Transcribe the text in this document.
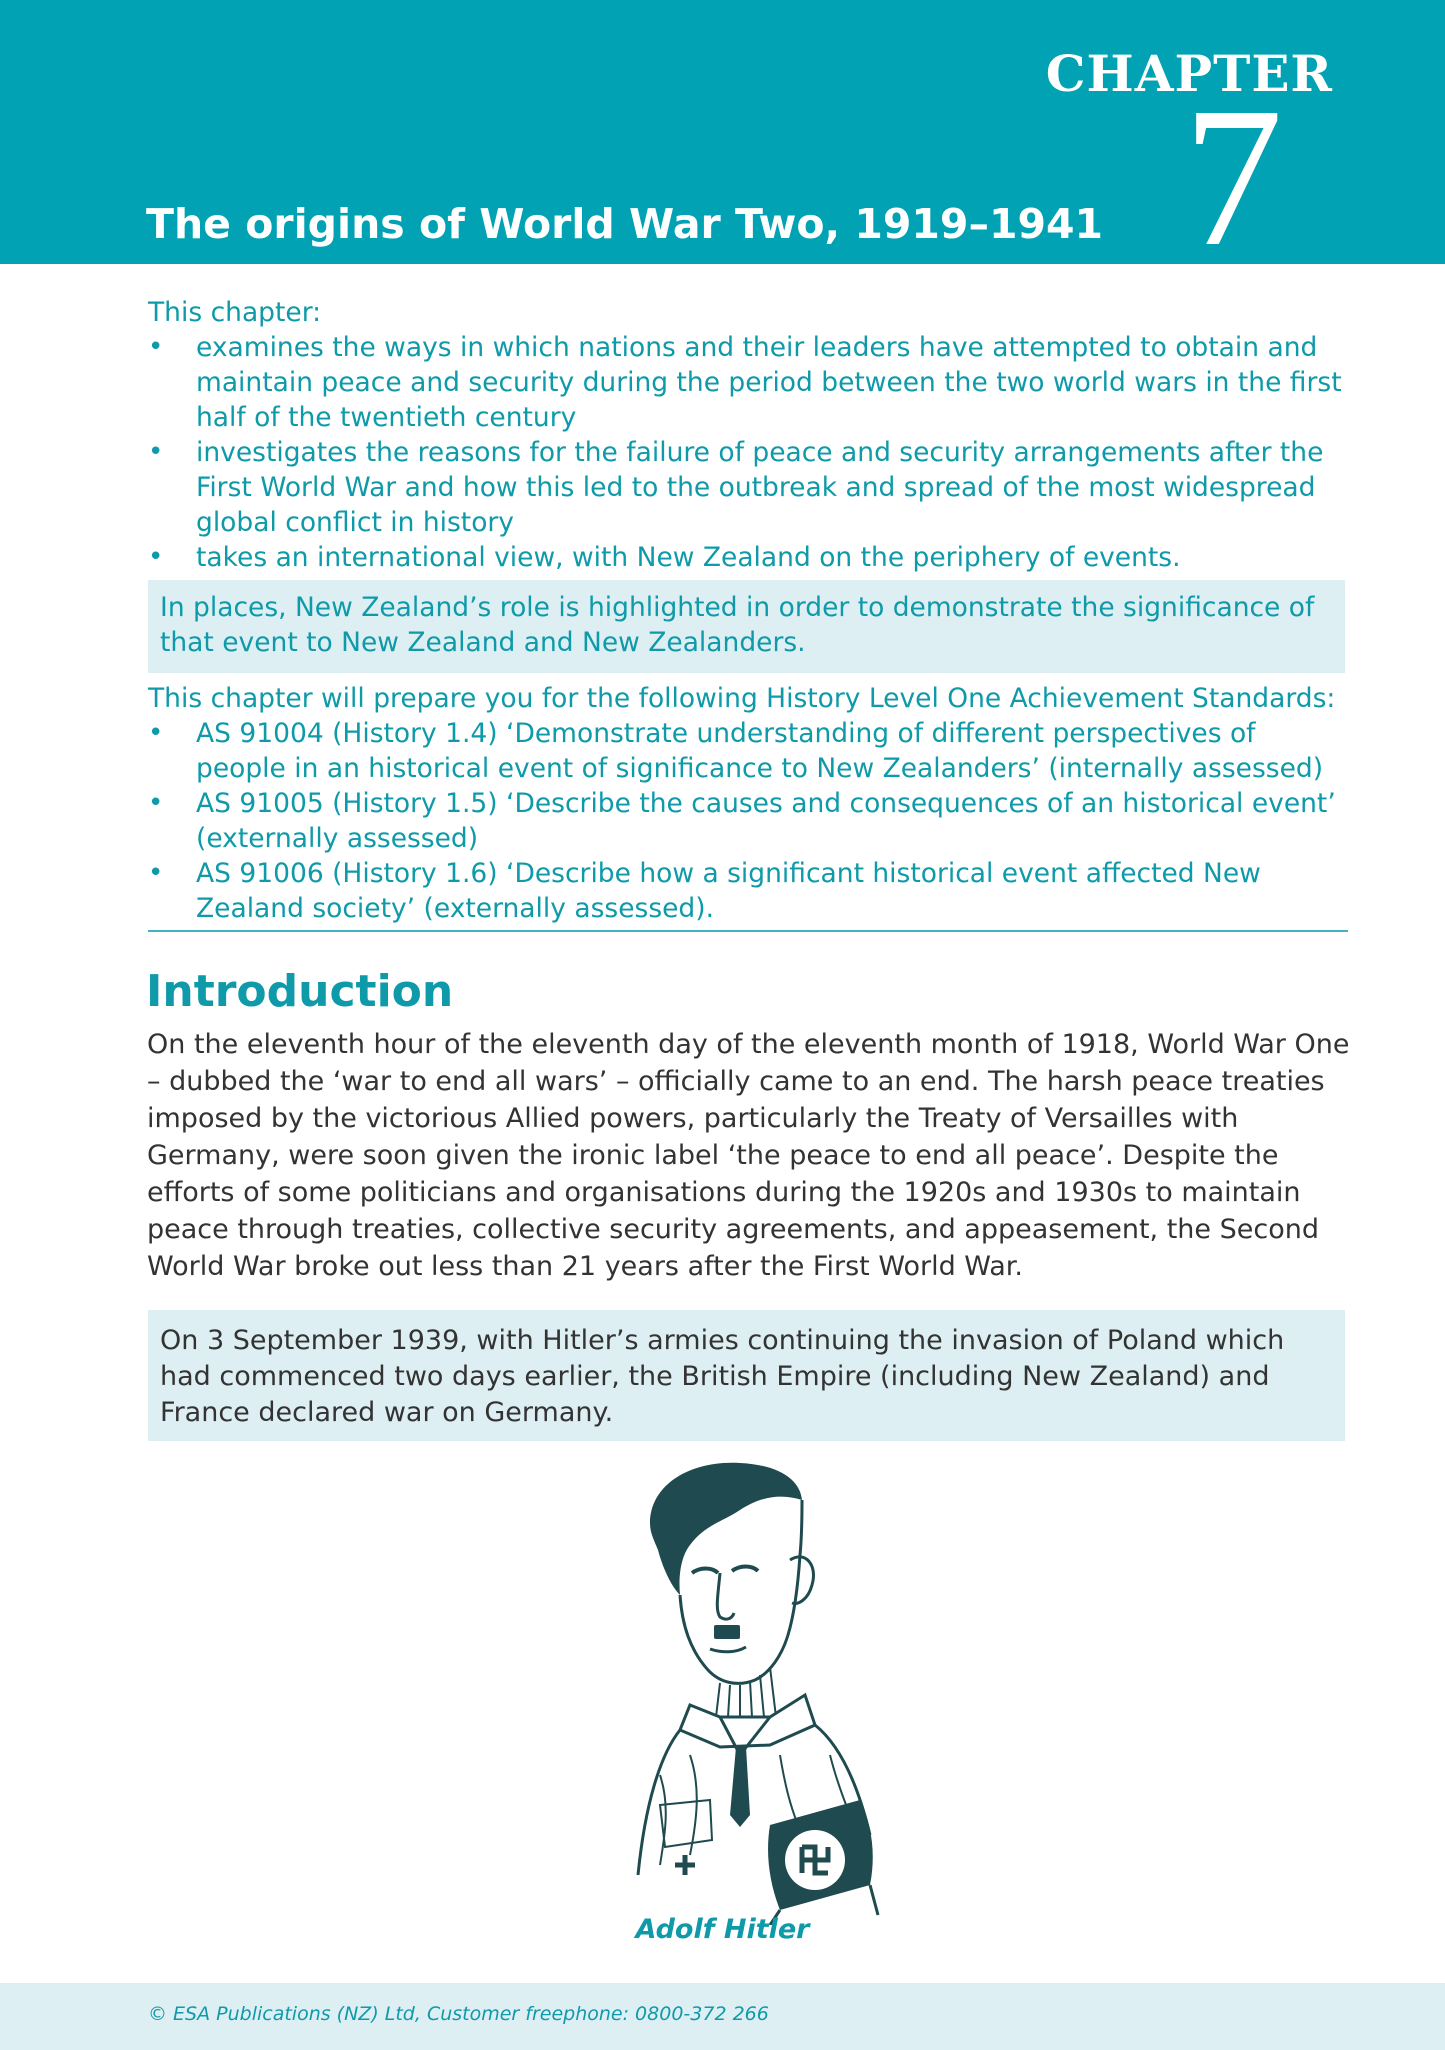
CHAPTER
7
The origins of World War Two, 1919–1941
This chapter:
• examines the ways in which nations and their leaders have attempted to obtain and maintain peace and security during the period between the two world wars in the first half of the twentieth century
• investigates the reasons for the failure of peace and security arrangements after the First World War and how this led to the outbreak and spread of the most widespread global conflict in history
• takes an international view, with New Zealand on the periphery of events.
In places, New Zealand’s role is highlighted in order to demonstrate the significance of that event to New Zealand and New Zealanders.
This chapter will prepare you for the following History Level One Achievement Standards:
• AS 91004 (History 1.4) ‘Demonstrate understanding of different perspectives of people in an historical event of significance to New Zealanders’ (internally assessed)
• AS 91005 (History 1.5) ‘Describe the causes and consequences of an historical event’ (externally assessed)
• AS 91006 (History 1.6) ‘Describe how a significant historical event affected New Zealand society’ (externally assessed).
Introduction
On the eleventh hour of the eleventh day of the eleventh month of 1918, World War One – dubbed the ‘war to end all wars’ – officially came to an end. The harsh peace treaties imposed by the victorious Allied powers, particularly the Treaty of Versailles with Germany, were soon given the ironic label ‘the peace to end all peace’. Despite the efforts of some politicians and organisations during the 1920s and 1930s to maintain peace through treaties, collective security agreements, and appeasement, the Second World War broke out less than 21 years after the First World War.
On 3 September 1939, with Hitler’s armies continuing the invasion of Poland which had commenced two days earlier, the British Empire (including New Zealand) and France declared war on Germany.
Adolf Hitler
© ESA Publications (NZ) Ltd, Customer freephone: 0800-372 266
